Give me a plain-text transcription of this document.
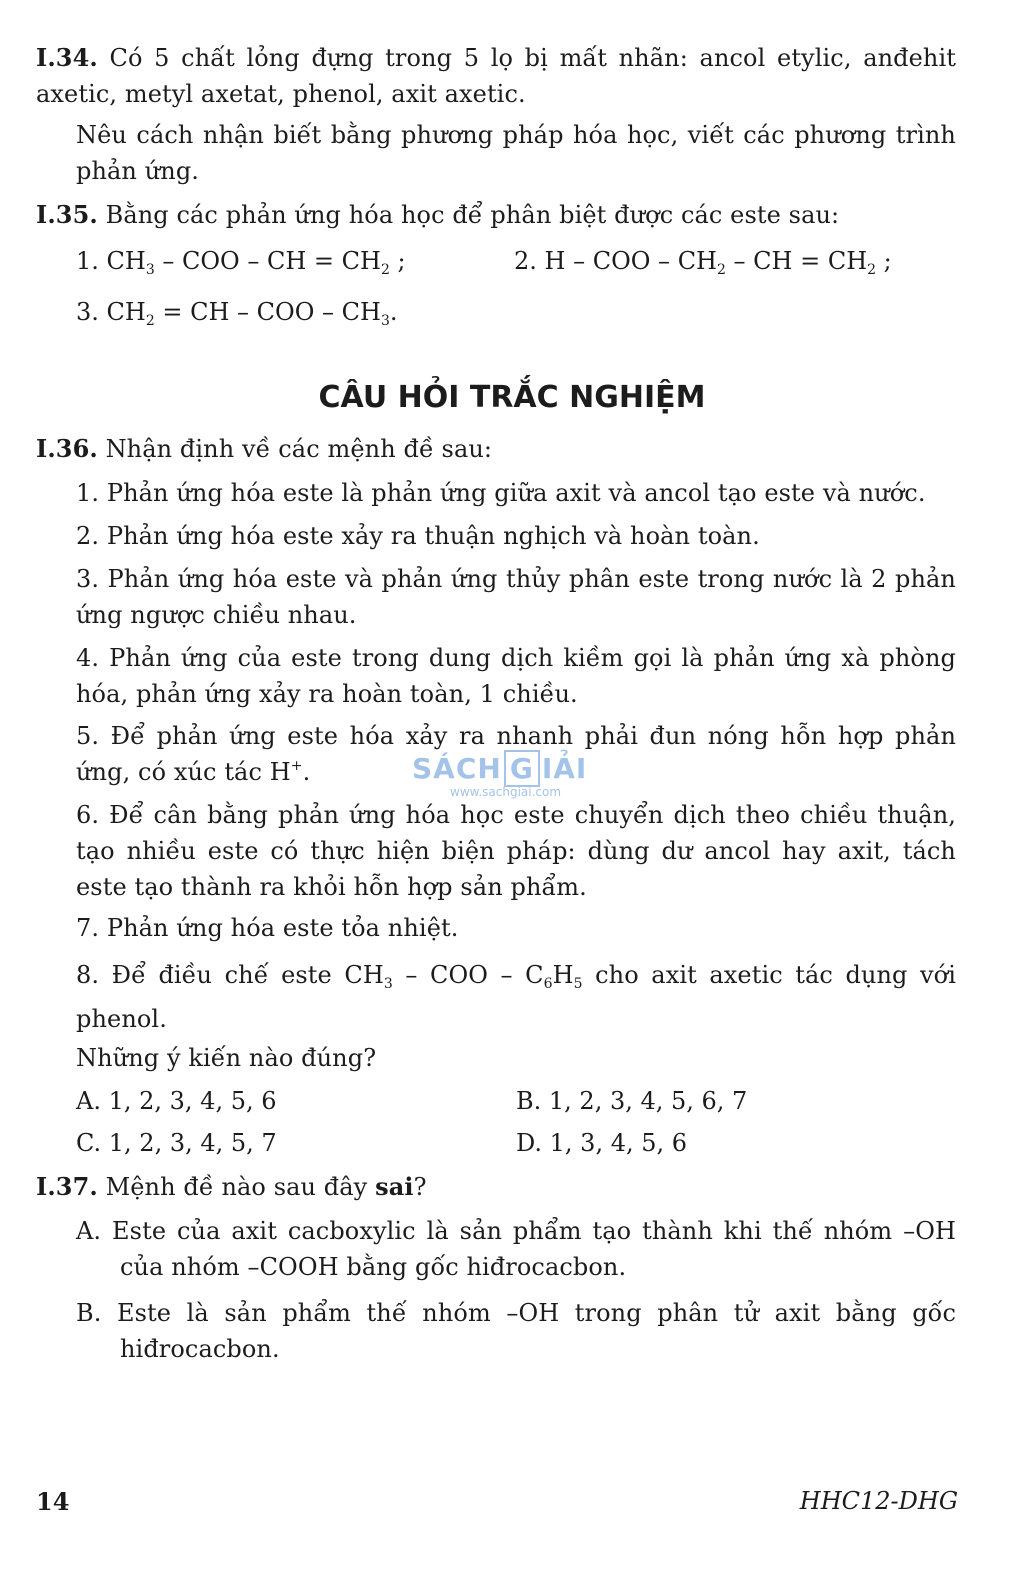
I.34. Có 5 chất lỏng đựng trong 5 lọ bị mất nhãn: ancol etylic, anđehit axetic, metyl axetat, phenol, axit axetic.

Nêu cách nhận biết bằng phương pháp hóa học, viết các phương trình phản ứng.

I.35. Bằng các phản ứng hóa học để phân biệt được các este sau:

1. $CH_3$ – COO – CH = $CH_2$ ;	2. H – COO – $CH_2$ – CH = $CH_2$ ;
3. $CH_2$ = CH – COO – $CH_3$.
CÂU HỎI TRẮC NGHIỆM

I.36. Nhận định về các mệnh đề sau:

1. Phản ứng hóa este là phản ứng giữa axit và ancol tạo este và nước.

2. Phản ứng hóa este xảy ra thuận nghịch và hoàn toàn.

3. Phản ứng hóa este và phản ứng thủy phân este trong nước là 2 phản ứng ngược chiều nhau.

4. Phản ứng của este trong dung dịch kiềm gọi là phản ứng xà phòng hóa, phản ứng xảy ra hoàn toàn, 1 chiều.

5. Để phản ứng este hóa xảy ra nhanh phải đun nóng hỗn hợp phản ứng, có xúc tác H+.

6. Để cân bằng phản ứng hóa học este chuyển dịch theo chiều thuận, tạo nhiều este có thực hiện biện pháp: dùng dư ancol hay axit, tách este tạo thành ra khỏi hỗn hợp sản phẩm.

7. Phản ứng hóa este tỏa nhiệt.

8. Để điều chế este $CH_3$ – COO – $C_6H_5$ cho axit axetic tác dụng với phenol.

Những ý kiến nào đúng?

A. 1, 2, 3, 4, 5, 6	B. 1, 2, 3, 4, 5, 6, 7
C. 1, 2, 3, 4, 5, 7	D. 1, 3, 4, 5, 6

I.37. Mệnh đề nào sau đây sai?

A. Este của axit cacboxylic là sản phẩm tạo thành khi thế nhóm –OH của nhóm –COOH bằng gốc hiđrocacbon.

B. Este là sản phẩm thế nhóm –OH trong phân tử axit bằng gốc hiđrocacbon.

SÁCH G IẢI
www.sachgiai.com
14	HHC12-DHG
